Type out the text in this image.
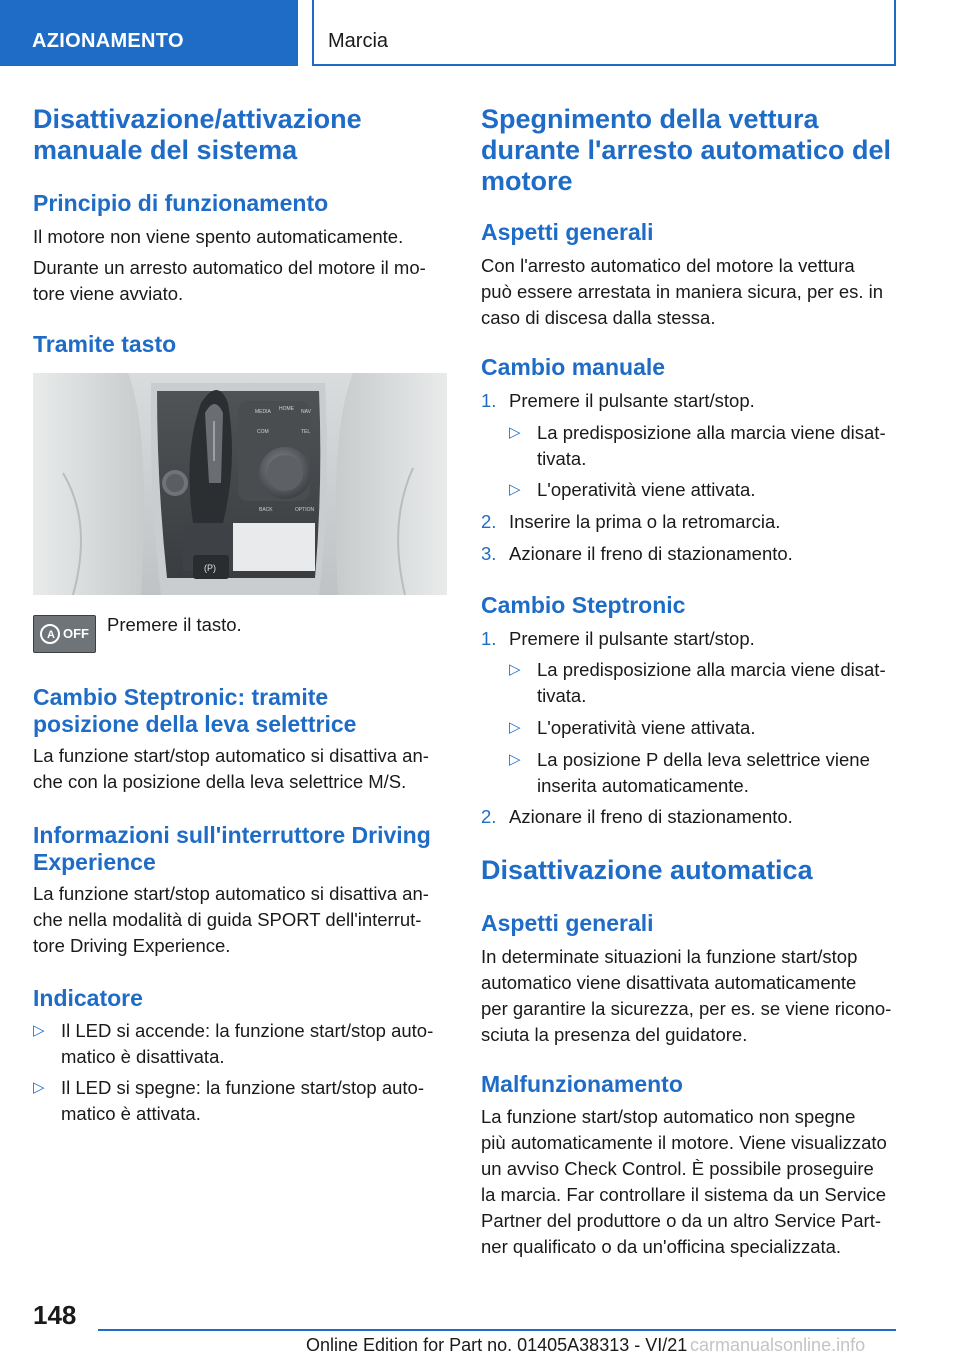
AZIONAMENTO	Marcia
Disattivazione/attivazione
manuale del sistema
Principio di funzionamento
Il motore non viene spento automaticamente.
Durante un arresto automatico del motore il mo‐
tore viene avviato.
Tramite tasto
MEDIA HOME NAV
COM	TEL
BACK	OPTION
(P)
A OFF Premere il tasto.
Cambio Steptronic: tramite
posizione della leva selettrice
La funzione start/stop automatico si disattiva an‐
che con la posizione della leva selettrice M/S.
Informazioni sull'interruttore Driving
Experience
La funzione start/stop automatico si disattiva an‐
che nella modalità di guida SPORT dell'interrut‐
tore Driving Experience.
Indicatore
▷ Il LED si accende: la funzione start/stop auto‐
matico è disattivata.
▷ Il LED si spegne: la funzione start/stop auto‐
matico è attivata.
Spegnimento della vettura
durante l'arresto automatico del
motore
Aspetti generali
Con l'arresto automatico del motore la vettura
può essere arrestata in maniera sicura, per es. in
caso di discesa dalla stessa.
Cambio manuale
1. Premere il pulsante start/stop.
▷ La predisposizione alla marcia viene disat‐
tivata.
▷ L'operatività viene attivata.
2. Inserire la prima o la retromarcia.
3. Azionare il freno di stazionamento.
Cambio Steptronic
1. Premere il pulsante start/stop.
▷ La predisposizione alla marcia viene disat‐
tivata.
▷ L'operatività viene attivata.
▷ La posizione P della leva selettrice viene
inserita automaticamente.
2. Azionare il freno di stazionamento.
Disattivazione automatica
Aspetti generali
In determinate situazioni la funzione start/stop
automatico viene disattivata automaticamente
per garantire la sicurezza, per es. se viene ricono‐
sciuta la presenza del guidatore.
Malfunzionamento
La funzione start/stop automatico non spegne
più automaticamente il motore. Viene visualizzato
un avviso Check Control. È possibile proseguire
la marcia. Far controllare il sistema da un Service
Partner del produttore o da un altro Service Part‐
ner qualificato o da un'officina specializzata.
148
Online Edition for Part no. 01405A38313 - VI/21 carmanualsonline.info
